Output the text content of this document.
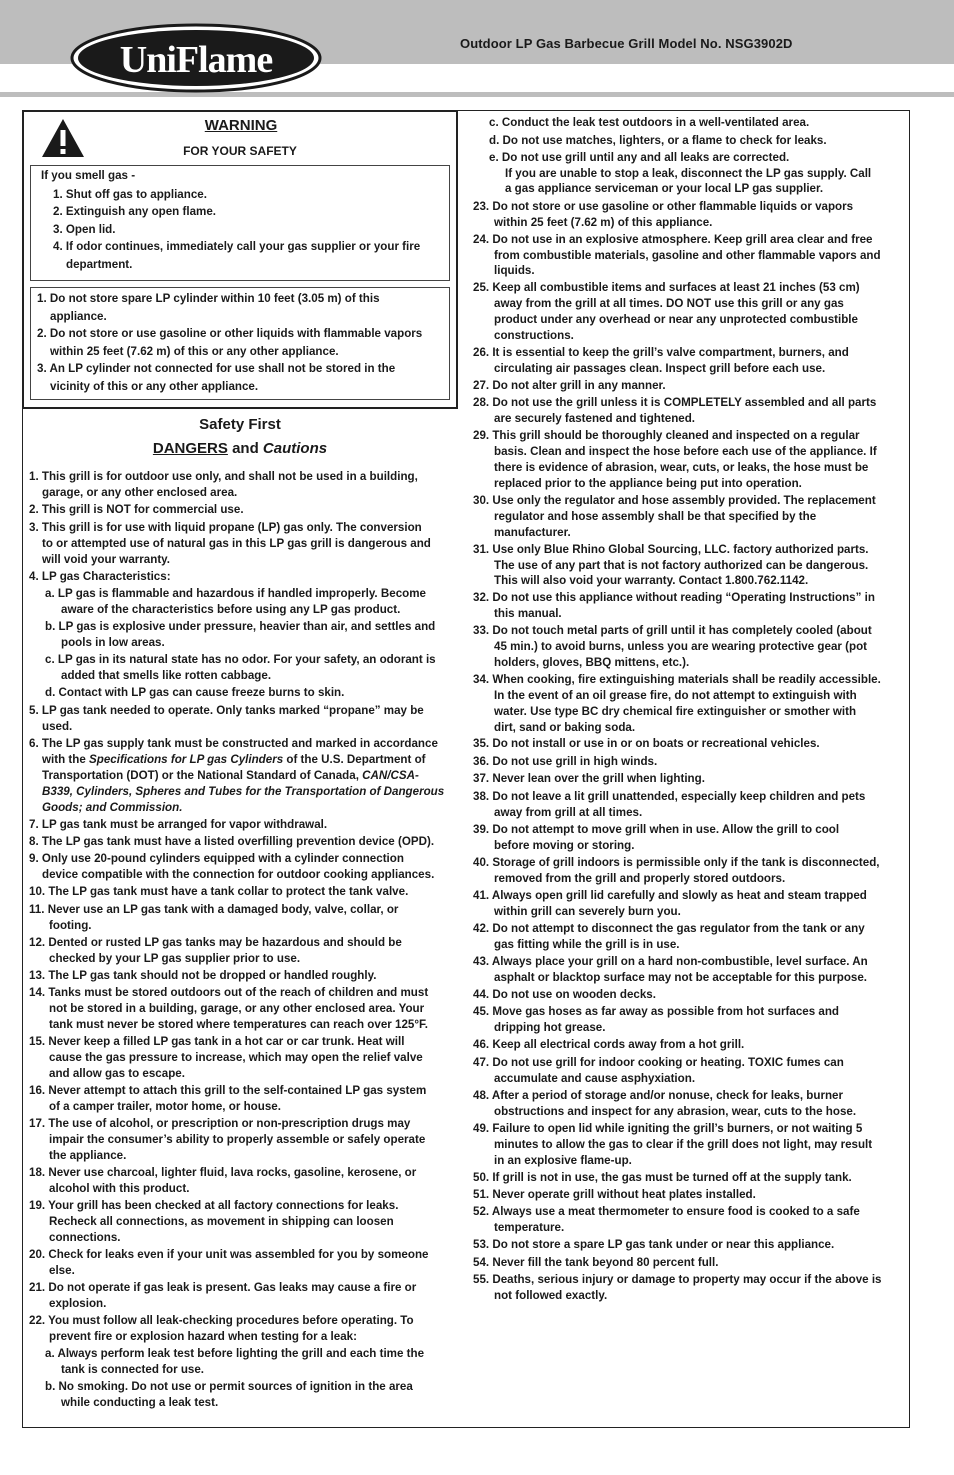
UniFlame	Outdoor LP Gas Barbecue Grill Model No. NSG3902D
WARNING
FOR YOUR SAFETY
If you smell gas -
1. Shut off gas to appliance.
2. Extinguish any open flame.
3. Open lid.
4. If odor continues, immediately call your gas supplier or your fire
department.
1. Do not store spare LP cylinder within 10 feet (3.05 m) of this
appliance.
2. Do not store or use gasoline or other liquids with flammable vapors
within 25 feet (7.62 m) of this or any other appliance.
3. An LP cylinder not connected for use shall not be stored in the
vicinity of this or any other appliance.
Safety First
DANGERS and Cautions
1. This grill is for outdoor use only, and shall not be used in a building,
garage, or any other enclosed area.
2. This grill is NOT for commercial use.
3. This grill is for use with liquid propane (LP) gas only. The conversion
to or attempted use of natural gas in this LP gas grill is dangerous and
will void your warranty.
4. LP gas Characteristics:
a. LP gas is flammable and hazardous if handled improperly. Become
aware of the characteristics before using any LP gas product.
b. LP gas is explosive under pressure, heavier than air, and settles and
pools in low areas.
c. LP gas in its natural state has no odor. For your safety, an odorant is
added that smells like rotten cabbage.
d. Contact with LP gas can cause freeze burns to skin.
5. LP gas tank needed to operate. Only tanks marked “propane” may be
used.
6. The LP gas supply tank must be constructed and marked in accordance
with the Specifications for LP gas Cylinders of the U.S. Department of
Transportation (DOT) or the National Standard of Canada, CAN/CSA-
B339, Cylinders, Spheres and Tubes for the Transportation of Dangerous
Goods; and Commission.
7. LP gas tank must be arranged for vapor withdrawal.
8. The LP gas tank must have a listed overfilling prevention device (OPD).
9. Only use 20-pound cylinders equipped with a cylinder connection
device compatible with the connection for outdoor cooking appliances.
10. The LP gas tank must have a tank collar to protect the tank valve.
11. Never use an LP gas tank with a damaged body, valve, collar, or
footing.
12. Dented or rusted LP gas tanks may be hazardous and should be
checked by your LP gas supplier prior to use.
13. The LP gas tank should not be dropped or handled roughly.
14. Tanks must be stored outdoors out of the reach of children and must
not be stored in a building, garage, or any other enclosed area. Your
tank must never be stored where temperatures can reach over 125°F.
15. Never keep a filled LP gas tank in a hot car or car trunk. Heat will
cause the gas pressure to increase, which may open the relief valve
and allow gas to escape.
16. Never attempt to attach this grill to the self-contained LP gas system
of a camper trailer, motor home, or house.
17. The use of alcohol, or prescription or non-prescription drugs may
impair the consumer’s ability to properly assemble or safely operate
the appliance.
18. Never use charcoal, lighter fluid, lava rocks, gasoline, kerosene, or
alcohol with this product.
19. Your grill has been checked at all factory connections for leaks.
Recheck all connections, as movement in shipping can loosen
connections.
20. Check for leaks even if your unit was assembled for you by someone
else.
21. Do not operate if gas leak is present. Gas leaks may cause a fire or
explosion.
22. You must follow all leak-checking procedures before operating. To
prevent fire or explosion hazard when testing for a leak:
a. Always perform leak test before lighting the grill and each time the
tank is connected for use.
b. No smoking. Do not use or permit sources of ignition in the area
while conducting a leak test.
c. Conduct the leak test outdoors in a well-ventilated area.
d. Do not use matches, lighters, or a flame to check for leaks.
e. Do not use grill until any and all leaks are corrected.
If you are unable to stop a leak, disconnect the LP gas supply. Call
a gas appliance serviceman or your local LP gas supplier.
23. Do not store or use gasoline or other flammable liquids or vapors
within 25 feet (7.62 m) of this appliance.
24. Do not use in an explosive atmosphere. Keep grill area clear and free
from combustible materials, gasoline and other flammable vapors and
liquids.
25. Keep all combustible items and surfaces at least 21 inches (53 cm)
away from the grill at all times. DO NOT use this grill or any gas
product under any overhead or near any unprotected combustible
constructions.
26. It is essential to keep the grill’s valve compartment, burners, and
circulating air passages clean. Inspect grill before each use.
27. Do not alter grill in any manner.
28. Do not use the grill unless it is COMPLETELY assembled and all parts
are securely fastened and tightened.
29. This grill should be thoroughly cleaned and inspected on a regular
basis. Clean and inspect the hose before each use of the appliance. If
there is evidence of abrasion, wear, cuts, or leaks, the hose must be
replaced prior to the appliance being put into operation.
30. Use only the regulator and hose assembly provided. The replacement
regulator and hose assembly shall be that specified by the
manufacturer.
31. Use only Blue Rhino Global Sourcing, LLC. factory authorized parts.
The use of any part that is not factory authorized can be dangerous.
This will also void your warranty. Contact 1.800.762.1142.
32. Do not use this appliance without reading “Operating Instructions” in
this manual.
33. Do not touch metal parts of grill until it has completely cooled (about
45 min.) to avoid burns, unless you are wearing protective gear (pot
holders, gloves, BBQ mittens, etc.).
34. When cooking, fire extinguishing materials shall be readily accessible.
In the event of an oil grease fire, do not attempt to extinguish with
water. Use type BC dry chemical fire extinguisher or smother with
dirt, sand or baking soda.
35. Do not install or use in or on boats or recreational vehicles.
36. Do not use grill in high winds.
37. Never lean over the grill when lighting.
38. Do not leave a lit grill unattended, especially keep children and pets
away from grill at all times.
39. Do not attempt to move grill when in use. Allow the grill to cool
before moving or storing.
40. Storage of grill indoors is permissible only if the tank is disconnected,
removed from the grill and properly stored outdoors.
41. Always open grill lid carefully and slowly as heat and steam trapped
within grill can severely burn you.
42. Do not attempt to disconnect the gas regulator from the tank or any
gas fitting while the grill is in use.
43. Always place your grill on a hard non-combustible, level surface. An
asphalt or blacktop surface may not be acceptable for this purpose.
44. Do not use on wooden decks.
45. Move gas hoses as far away as possible from hot surfaces and
dripping hot grease.
46. Keep all electrical cords away from a hot grill.
47. Do not use grill for indoor cooking or heating. TOXIC fumes can
accumulate and cause asphyxiation.
48. After a period of storage and/or nonuse, check for leaks, burner
obstructions and inspect for any abrasion, wear, cuts to the hose.
49. Failure to open lid while igniting the grill’s burners, or not waiting 5
minutes to allow the gas to clear if the grill does not light, may result
in an explosive flame-up.
50. If grill is not in use, the gas must be turned off at the supply tank.
51. Never operate grill without heat plates installed.
52. Always use a meat thermometer to ensure food is cooked to a safe
temperature.
53. Do not store a spare LP gas tank under or near this appliance.
54. Never fill the tank beyond 80 percent full.
55. Deaths, serious injury or damage to property may occur if the above is
not followed exactly.
